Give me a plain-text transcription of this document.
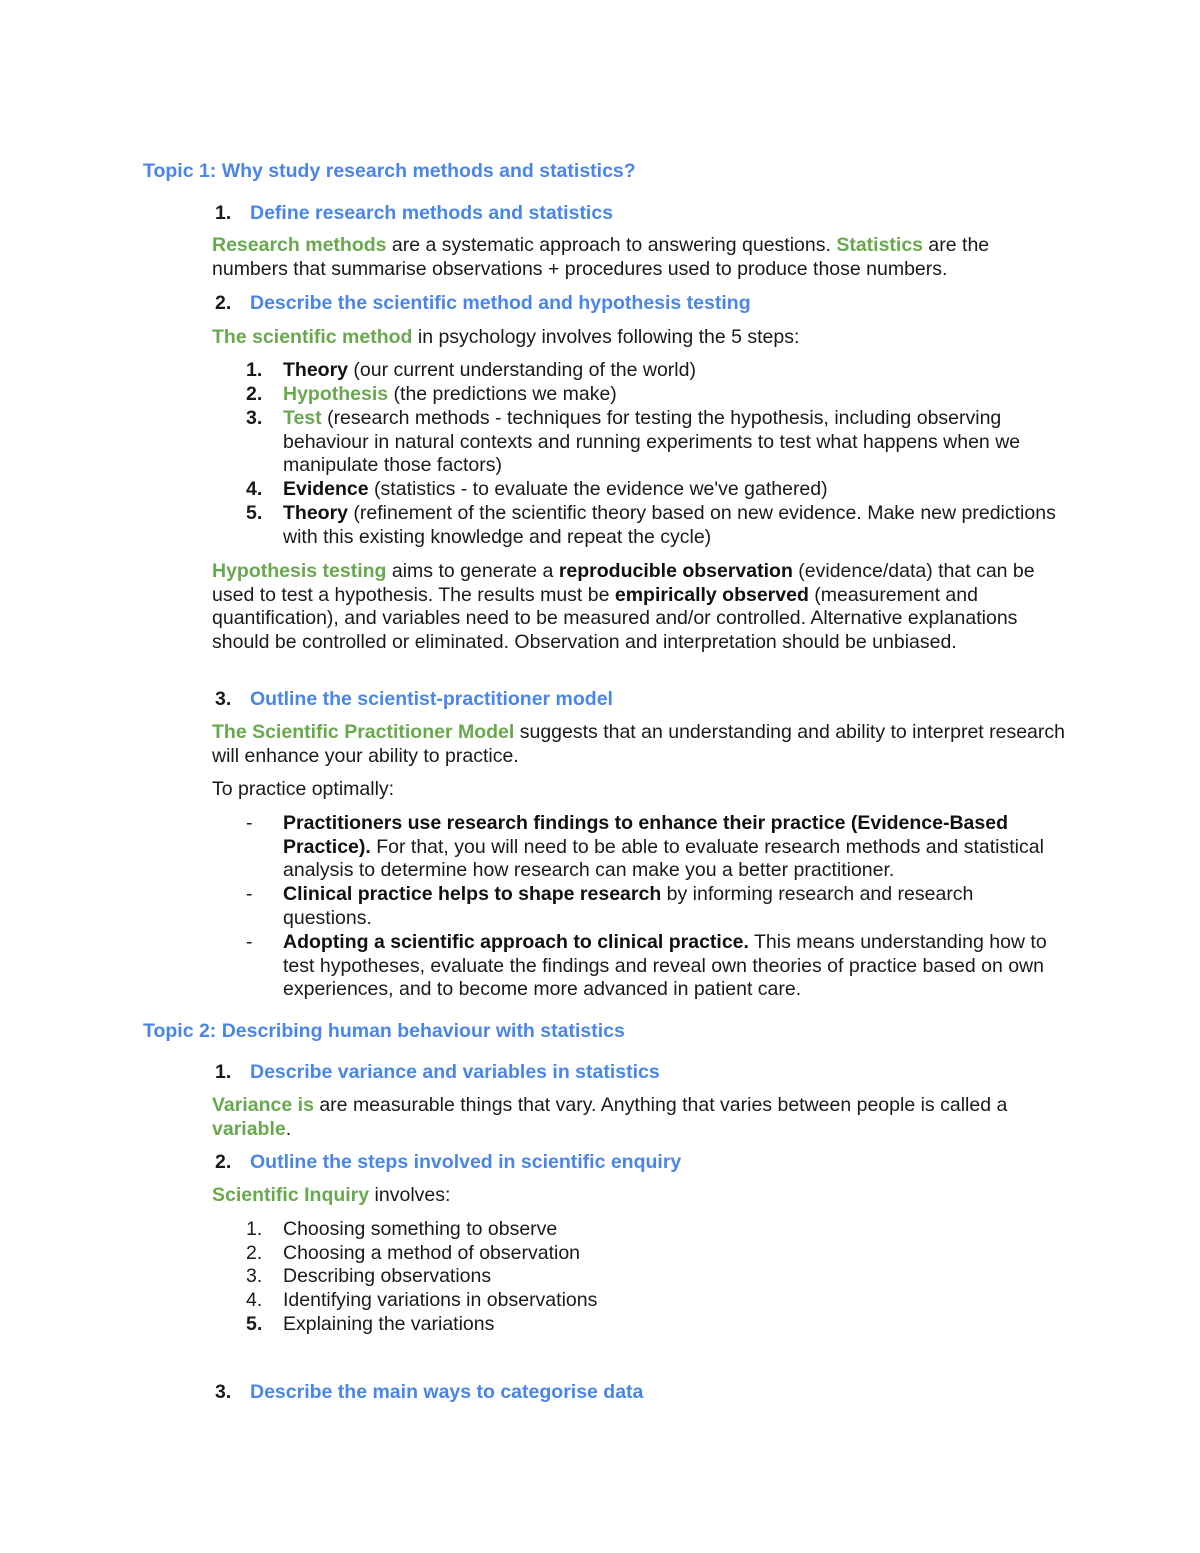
Topic 1: Why study research methods and statistics?
1. Define research methods and statistics

Research methods are a systematic approach to answering questions. Statistics are the numbers that summarise observations + procedures used to produce those numbers.

2. Describe the scientific method and hypothesis testing

The scientific method in psychology involves following the 5 steps:

1.	Theory (our current understanding of the world)
2.	Hypothesis (the predictions we make)
3.	Test (research methods - techniques for testing the hypothesis, including observing behaviour in natural contexts and running experiments to test what happens when we manipulate those factors)
4.	Evidence (statistics - to evaluate the evidence we've gathered)
5.	Theory (refinement of the scientific theory based on new evidence. Make new predictions with this existing knowledge and repeat the cycle)

Hypothesis testing aims to generate a reproducible observation (evidence/data) that can be used to test a hypothesis. The results must be empirically observed (measurement and quantification), and variables need to be measured and/or controlled. Alternative explanations should be controlled or eliminated. Observation and interpretation should be unbiased.

3. Outline the scientist-practitioner model

The Scientific Practitioner Model suggests that an understanding and ability to interpret research will enhance your ability to practice.

To practice optimally:

-	Practitioners use research findings to enhance their practice (Evidence-Based Practice). For that, you will need to be able to evaluate research methods and statistical analysis to determine how research can make you a better practitioner.
-	Clinical practice helps to shape research by informing research and research questions.
-	Adopting a scientific approach to clinical practice. This means understanding how to test hypotheses, evaluate the findings and reveal own theories of practice based on own experiences, and to become more advanced in patient care.
Topic 2: Describing human behaviour with statistics
1. Describe variance and variables in statistics

Variance is are measurable things that vary. Anything that varies between people is called a variable.

2. Outline the steps involved in scientific enquiry

Scientific Inquiry involves:

1.	Choosing something to observe
2.	Choosing a method of observation
3.	Describing observations
4.	Identifying variations in observations
5.	Explaining the variations
3. Describe the main ways to categorise data
